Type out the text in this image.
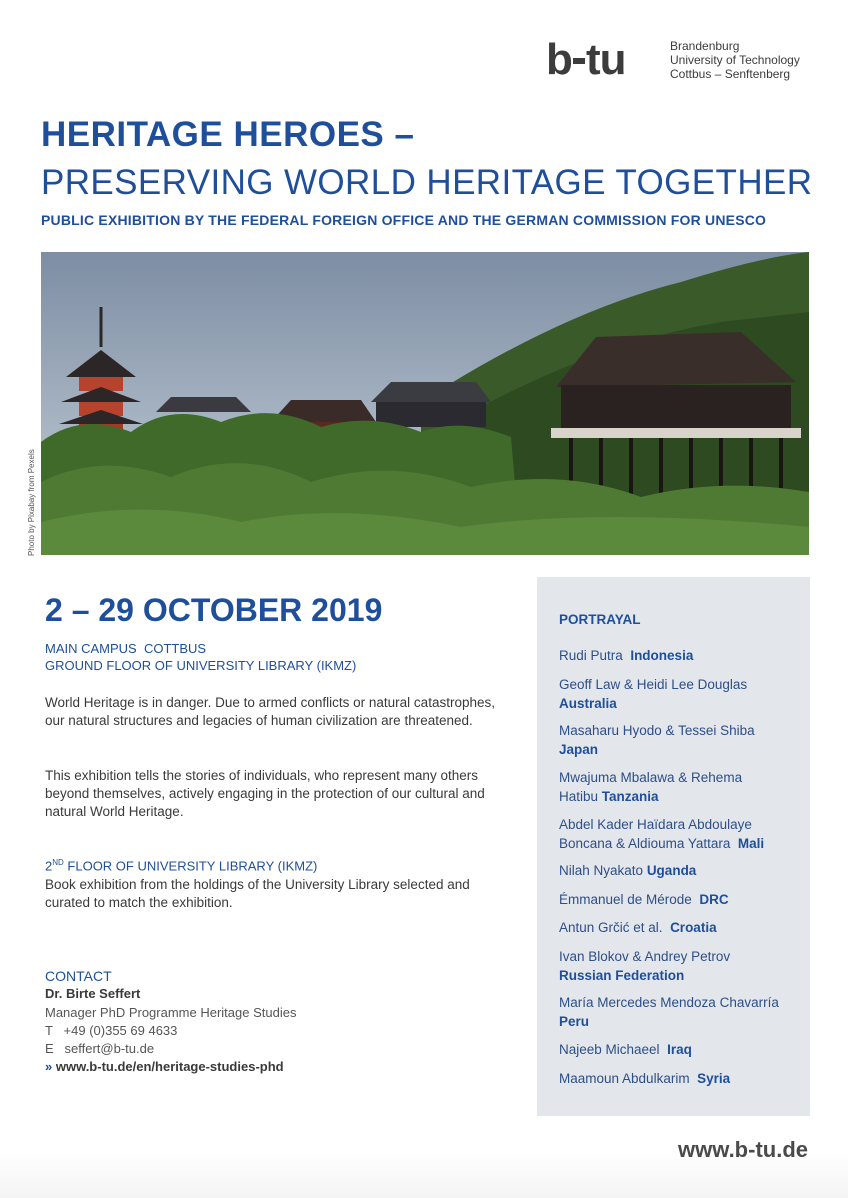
b tu	Brandenburg
University of Technology
Cottbus – Senftenberg
HERITAGE HEROES –
PRESERVING WORLD HERITAGE TOGETHER
PUBLIC EXHIBITION BY THE FEDERAL FOREIGN OFFICE AND THE GERMAN COMMISSION FOR UNESCO
Photo by Pixabay from Pexels
2 – 29 OCTOBER 2019
MAIN CAMPUS  COTTBUS
GROUND FLOOR OF UNIVERSITY LIBRARY (IKMZ)
World Heritage is in danger. Due to armed conflicts or natural catastrophes, our natural structures and legacies of human civilization are threatened.
This exhibition tells the stories of individuals, who represent many others beyond themselves, actively engaging in the protection of our cultural and natural World Heritage.
2ND FLOOR OF UNIVERSITY LIBRARY (IKMZ)
Book exhibition from the holdings of the University Library selected and curated to match the exhibition.
CONTACT
Dr. Birte Seffert
Manager PhD Programme Heritage Studies
T   +49 (0)355 69 4633
E   seffert@b-tu.de
» www.b-tu.de/en/heritage-studies-phd
PORTRAYAL
Rudi Putra Indonesia
Geoff Law & Heidi Lee Douglas
Australia
Masaharu Hyodo & Tessei Shiba
Japan
Mwajuma Mbalawa & Rehema Hatibu Tanzania
Abdel Kader Haïdara Abdoulaye Boncana & Aldiouma Yattara Mali
Nilah Nyakato Uganda
Émmanuel de Mérode DRC
Antun Grčić et al. Croatia
Ivan Blokov & Andrey Petrov
Russian Federation
María Mercedes Mendoza Chavarría
Peru
Najeeb Michaeel Iraq
Maamoun Abdulkarim Syria
www.b-tu.de
